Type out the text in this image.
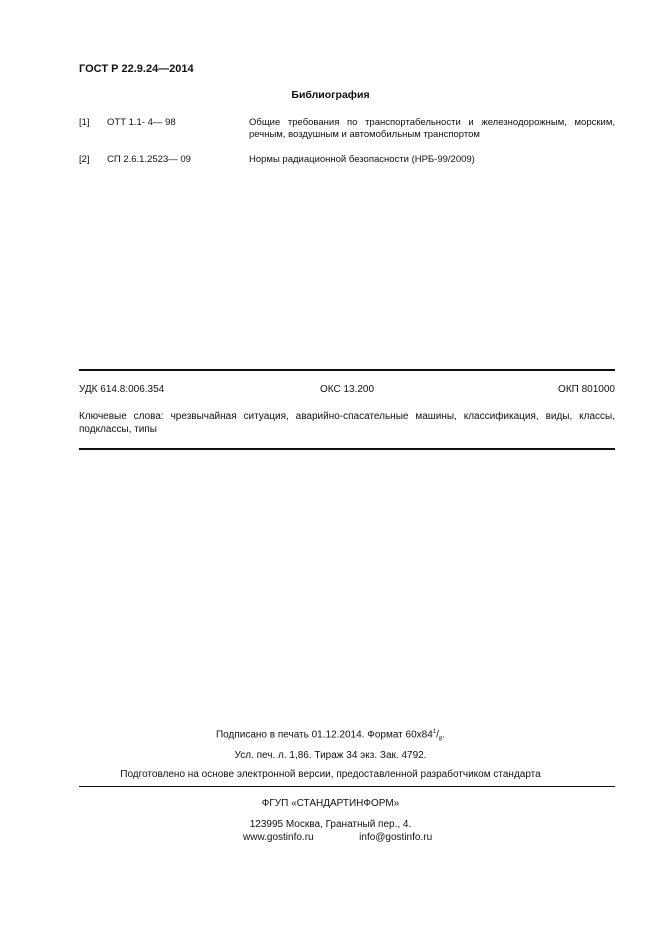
ГОСТ Р 22.9.24—2014
Библиография
[1] ОТТ 1.1- 4— 98	Общие требования по транспортабельности и железнодорожным, морским, речным, воздушным и автомобильным транспортом
[2] СП 2.6.1.2523— 09	Нормы радиационной безопасности (НРБ-99/2009)
УДК 614.8:006.354	ОКС 13.200	ОКП 801000
Ключевые слова: чрезвычайная ситуация, аварийно-спасательные машины, классификация, виды, классы, подклассы, типы
Подписано в печать 01.12.2014. Формат $60x84^1/_8$.
Усл. печ. л. 1,86. Тираж 34 экз. Зак. 4792.
Подготовлено на основе электронной версии, предоставленной разработчиком стандарта
ФГУП «СТАНДАРТИНФОРМ»
123995 Москва, Гранатный пер., 4.
www.gostinfo.ru	info@gostinfo.ru
